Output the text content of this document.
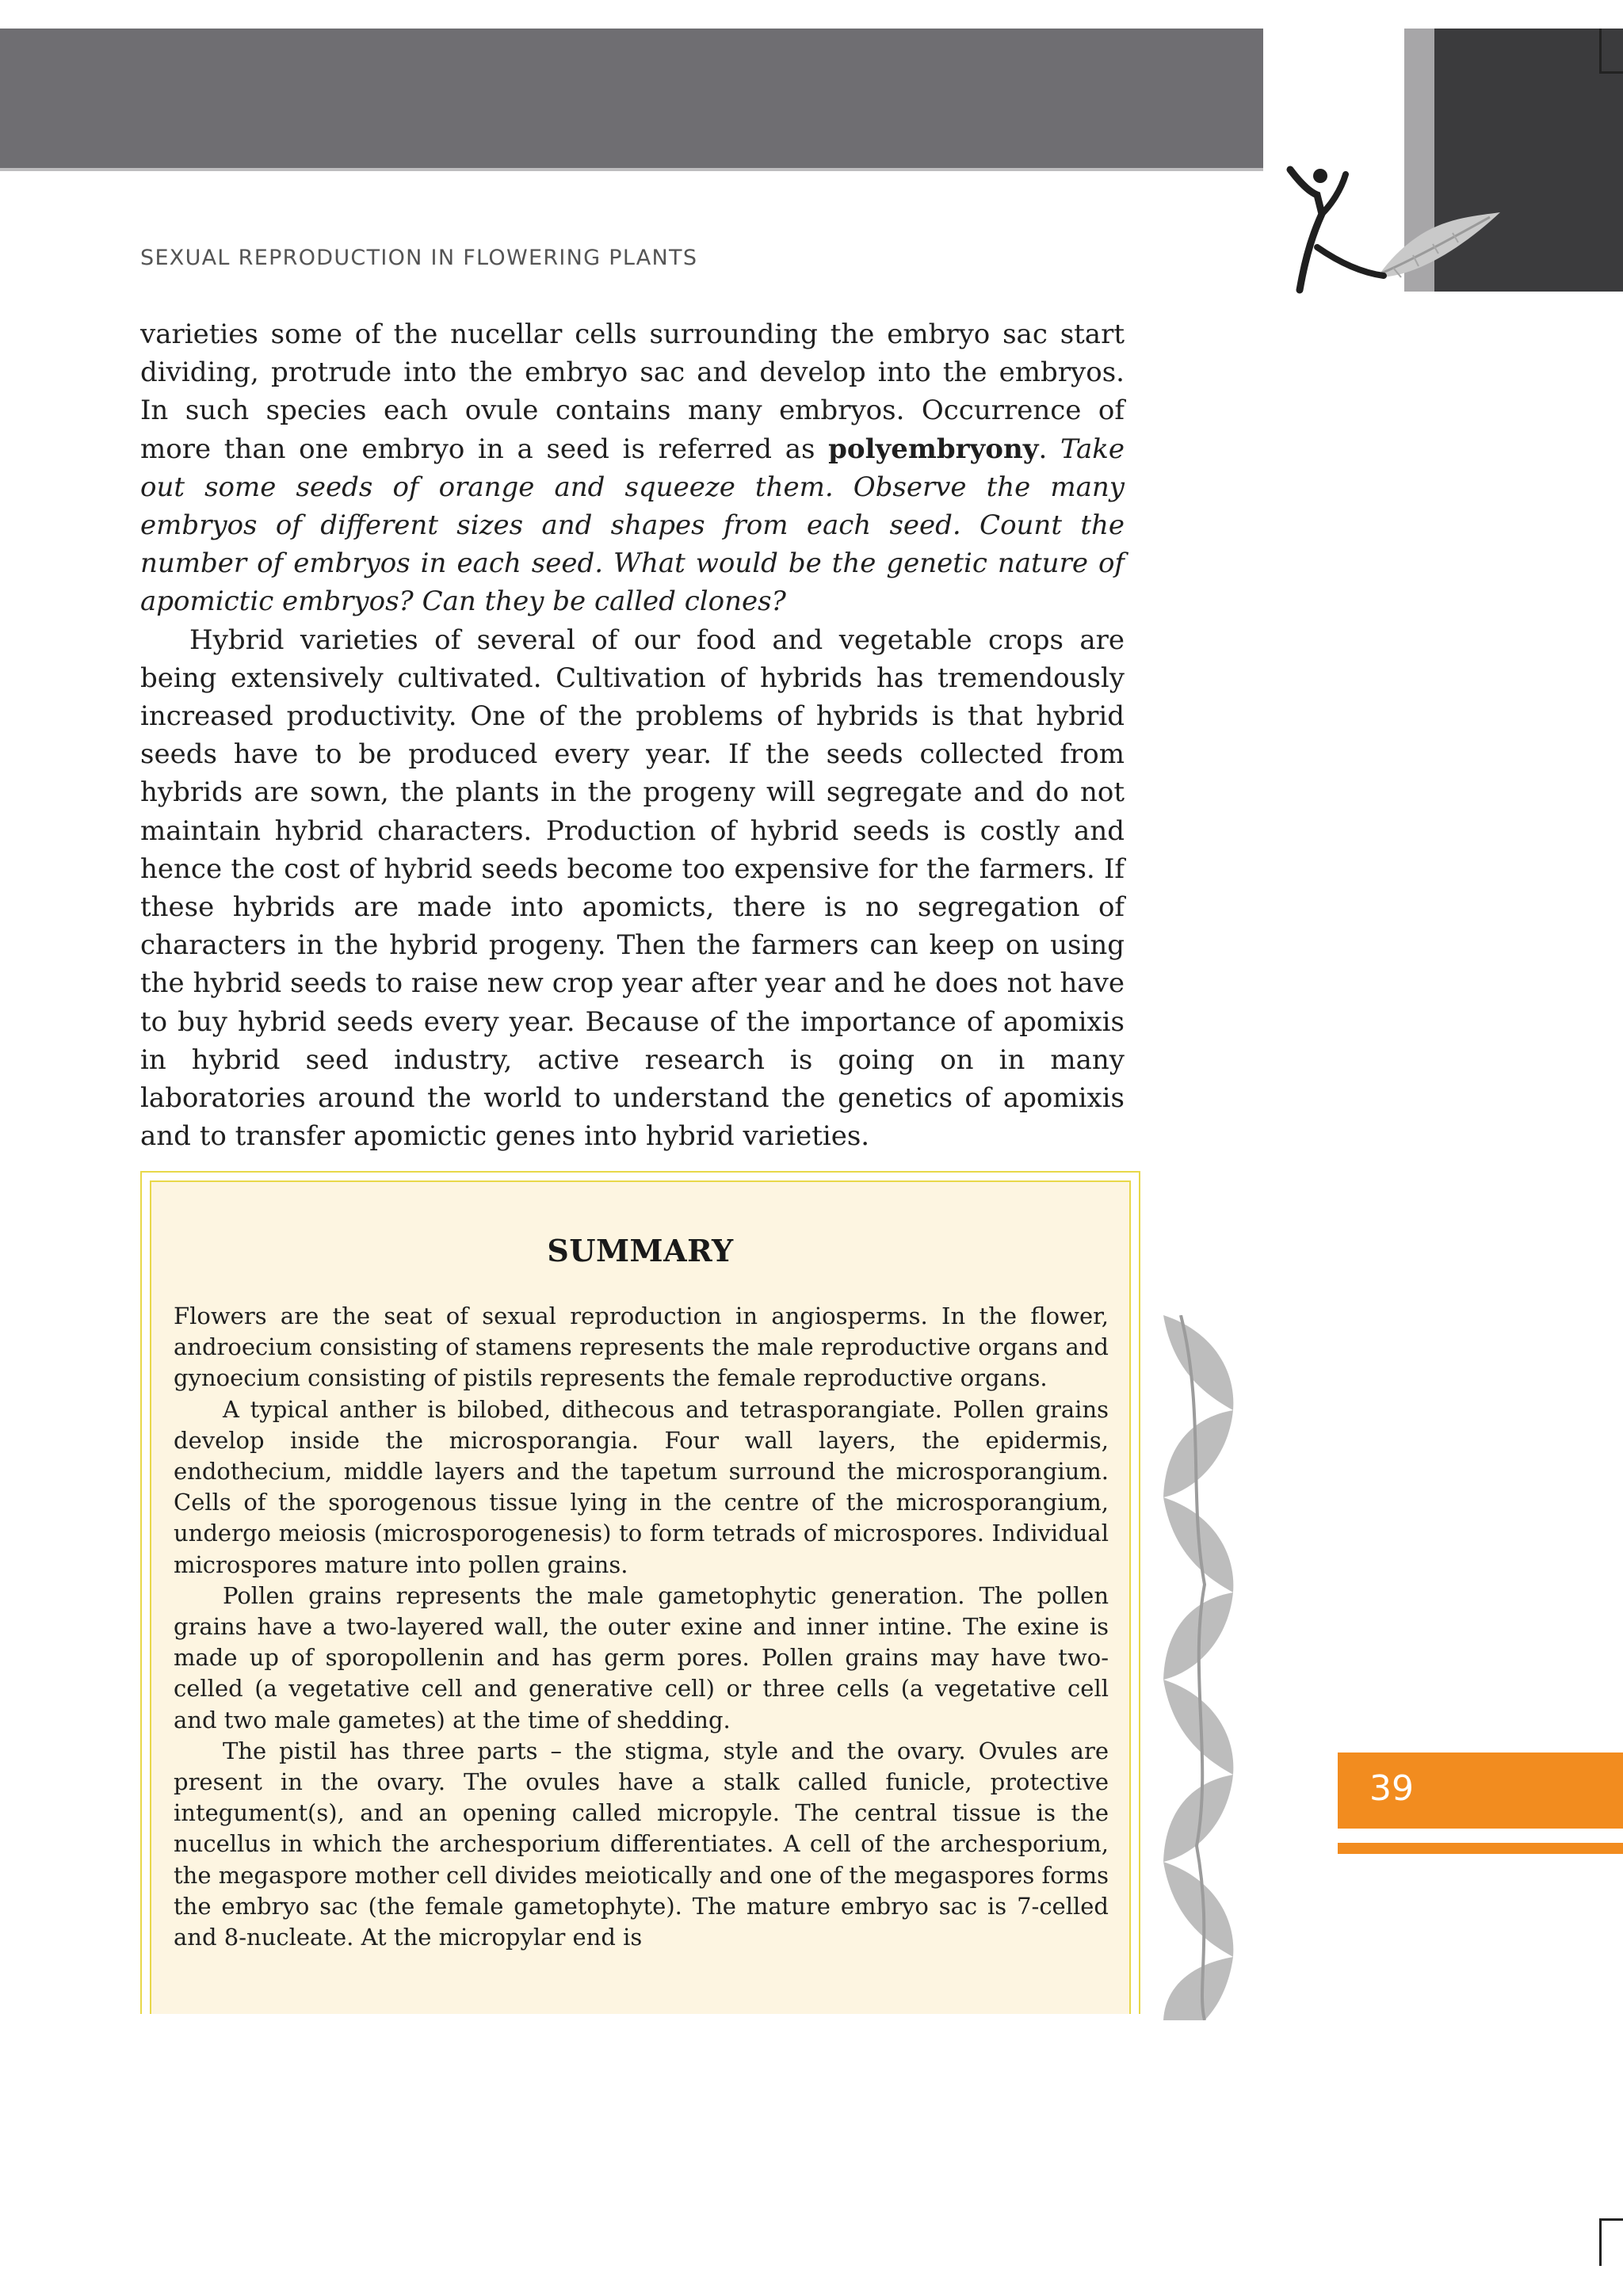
SEXUAL REPRODUCTION IN FLOWERING PLANTS

varieties some of the nucellar cells surrounding the embryo sac start dividing, protrude into the embryo sac and develop into the embryos. In such species each ovule contains many embryos. Occurrence of more than one embryo in a seed is referred as polyembryony. Take out some seeds of orange and squeeze them. Observe the many embryos of different sizes and shapes from each seed. Count the number of embryos in each seed. What would be the genetic nature of apomictic embryos? Can they be called clones?

Hybrid varieties of several of our food and vegetable crops are being extensively cultivated. Cultivation of hybrids has tremendously increased productivity. One of the problems of hybrids is that hybrid seeds have to be produced every year. If the seeds collected from hybrids are sown, the plants in the progeny will segregate and do not maintain hybrid characters. Production of hybrid seeds is costly and hence the cost of hybrid seeds become too expensive for the farmers. If these hybrids are made into apomicts, there is no segregation of characters in the hybrid progeny. Then the farmers can keep on using the hybrid seeds to raise new crop year after year and he does not have to buy hybrid seeds every year. Because of the importance of apomixis in hybrid seed industry, active research is going on in many laboratories around the world to understand the genetics of apomixis and to transfer apomictic genes into hybrid varieties.

SUMMARY

Flowers are the seat of sexual reproduction in angiosperms. In the flower, androecium consisting of stamens represents the male reproductive organs and gynoecium consisting of pistils represents the female reproductive organs.

A typical anther is bilobed, dithecous and tetrasporangiate. Pollen grains develop inside the microsporangia. Four wall layers, the epidermis, endothecium, middle layers and the tapetum surround the microsporangium. Cells of the sporogenous tissue lying in the centre of the microsporangium, undergo meiosis (microsporogenesis) to form tetrads of microspores. Individual microspores mature into pollen grains.

Pollen grains represents the male gametophytic generation. The pollen grains have a two-layered wall, the outer exine and inner intine. The exine is made up of sporopollenin and has germ pores. Pollen grains may have two-celled (a vegetative cell and generative cell) or three cells (a vegetative cell and two male gametes) at the time of shedding.

The pistil has three parts – the stigma, style and the ovary. Ovules are present in the ovary. The ovules have a stalk called funicle, protective integument(s), and an opening called micropyle. The central tissue is the nucellus in which the archesporium differentiates. A cell of the archesporium, the megaspore mother cell divides meiotically and one of the megaspores forms the embryo sac (the female gametophyte). The mature embryo sac is 7-celled and 8-nucleate. At the micropylar end is

39
